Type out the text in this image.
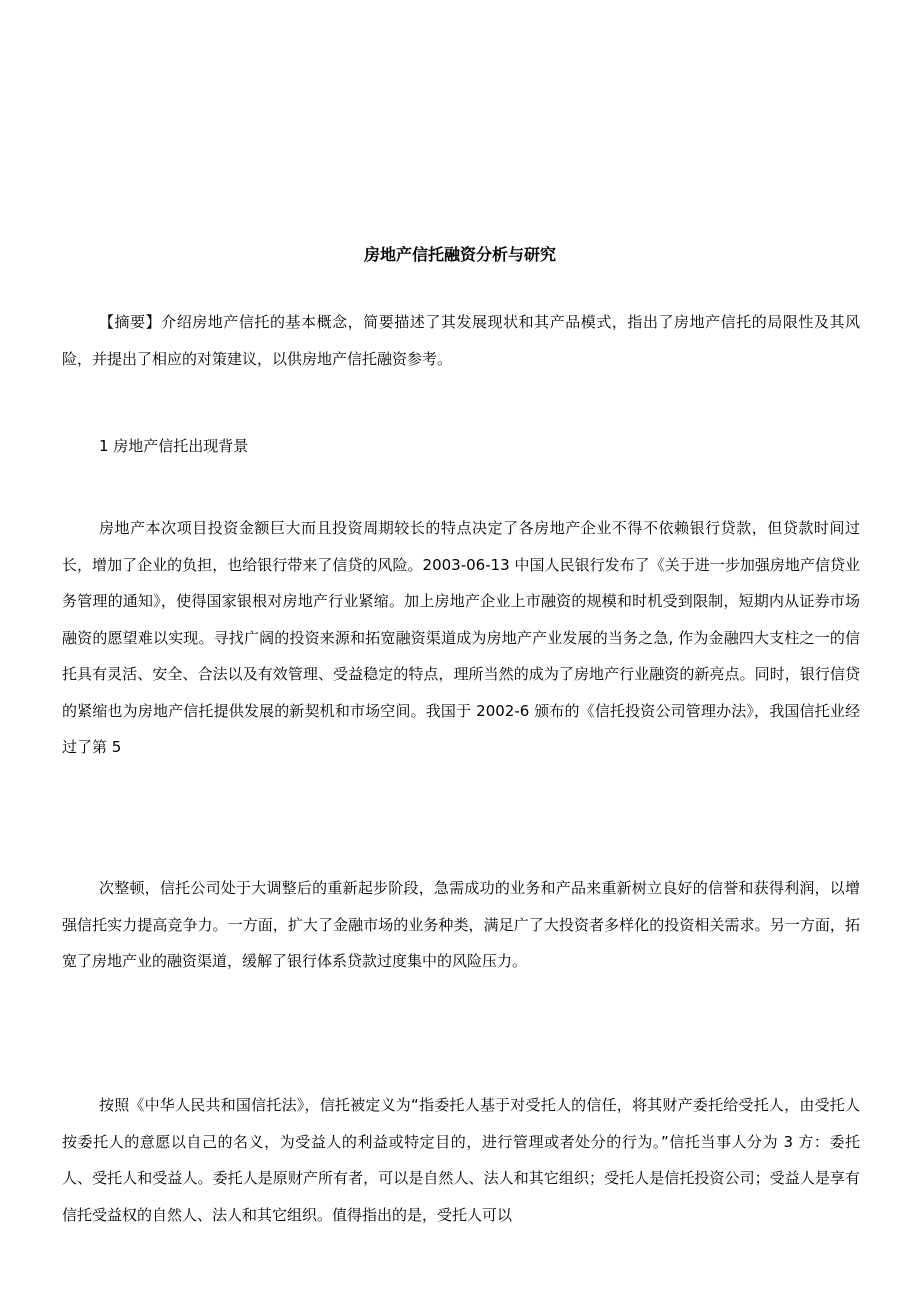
房地产信托融资分析与研究

【摘要】介绍房地产信托的基本概念，简要描述了其发展现状和其产品模式，指出了房地产信托的局限性及其风险，并提出了相应的对策建议，以供房地产信托融资参考。

1 房地产信托出现背景

房地产本次项目投资金额巨大而且投资周期较长的特点决定了各房地产企业不得不依赖银行贷款，但贷款时间过长，增加了企业的负担，也给银行带来了信贷的风险。2003-06-13 中国人民银行发布了《关于进一步加强房地产信贷业务管理的通知》，使得国家银根对房地产行业紧缩。加上房地产企业上市融资的规模和时机受到限制，短期内从证券市场融资的愿望难以实现。寻找广阔的投资来源和拓宽融资渠道成为房地产产业发展的当务之急, 作为金融四大支柱之一的信托具有灵活、安全、合法以及有效管理、受益稳定的特点，理所当然的成为了房地产行业融资的新亮点。同时，银行信贷的紧缩也为房地产信托提供发展的新契机和市场空间。我国于 2002-6 颁布的《信托投资公司管理办法》，我国信托业经过了第 5

次整顿，信托公司处于大调整后的重新起步阶段，急需成功的业务和产品来重新树立良好的信誉和获得利润，以增强信托实力提高竞争力。一方面，扩大了金融市场的业务种类，满足广了大投资者多样化的投资相关需求。另一方面，拓宽了房地产业的融资渠道，缓解了银行体系贷款过度集中的风险压力。

按照《中华人民共和国信托法》，信托被定义为“指委托人基于对受托人的信任，将其财产委托给受托人，由受托人按委托人的意愿以自己的名义，为受益人的利益或特定目的，进行管理或者处分的行为。”信托当事人分为 3 方：委托人、受托人和受益人。委托人是原财产所有者，可以是自然人、法人和其它组织；受托人是信托投资公司；受益人是享有信托受益权的自然人、法人和其它组织。值得指出的是，受托人可以
